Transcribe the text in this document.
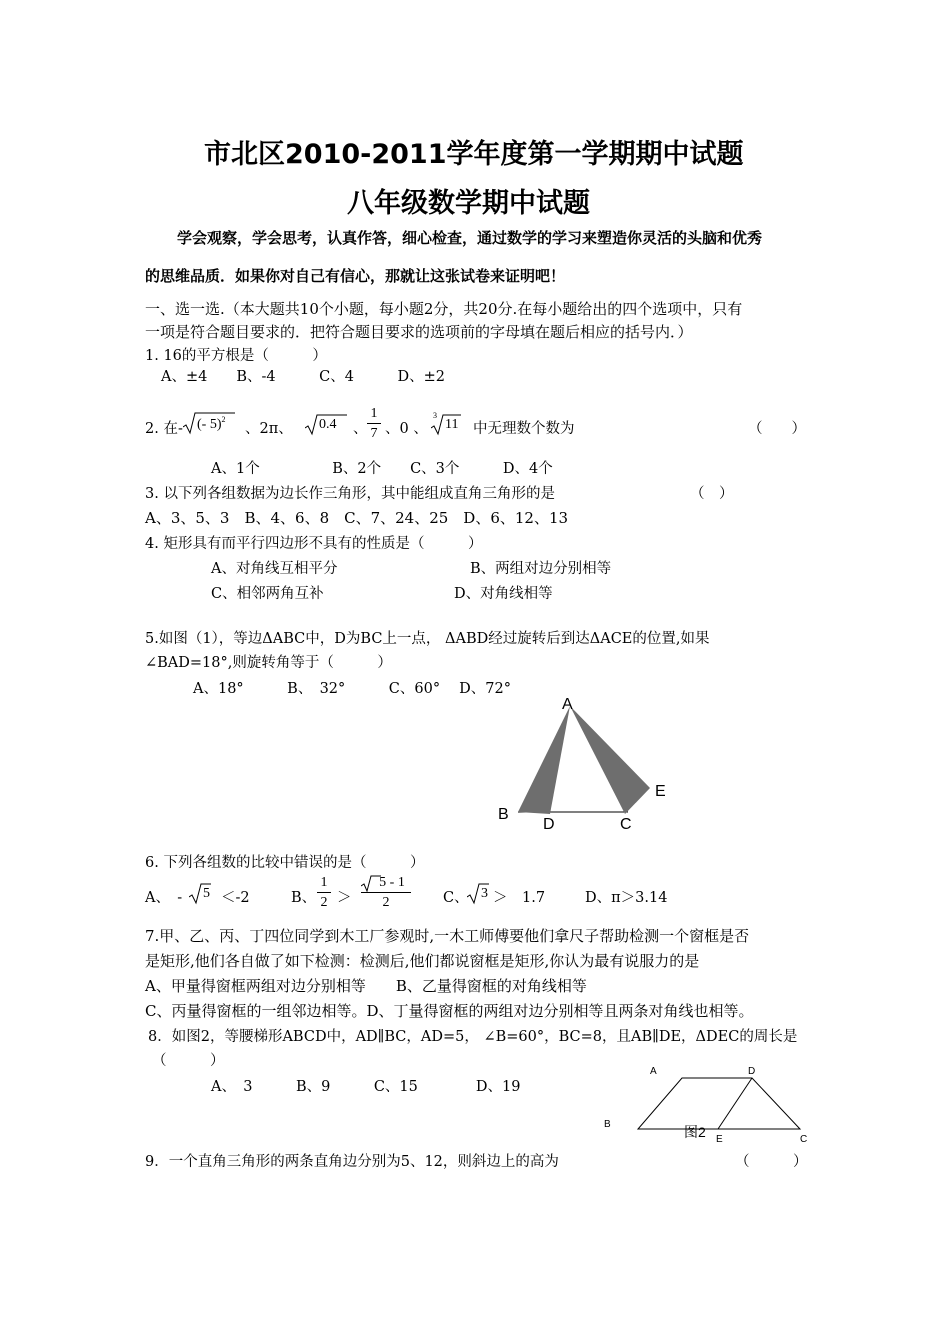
市北区2010-2011学年度第一学期期中试题
八年级数学期中试题
学会观察，学会思考，认真作答，细心检查，通过数学的学习来塑造你灵活的头脑和优秀
的思维品质．如果你对自己有信心，那就让这张试卷来证明吧！
一、选一选.（本大题共10个小题，每小题2分，共20分.在每小题给出的四个选项中，只有
一项是符合题目要求的．把符合题目要求的选项前的字母填在题后相应的括号内．）
1. 16的平方根是（　　　）
A、±4　　B、-4　　　C、4　　　D、±2
2. 在-	(- 5)$^2$
、2π、	0.4 、
1
7 、0 、
3
11 中无理数个数为	（　　）
A、1个　　　　　B、2个　　C、3个　　　D、4个
3. 以下列各组数据为边长作三角形，其中能组成直角三角形的是	（　）
A、3、5、3　B、4、6、8　C、7、24、25　D、6、12、13
4. 矩形具有而平行四边形不具有的性质是（　　　）
A、对角线互相平分	B、两组对边分别相等
C、相邻两角互补	D、对角线相等
5.如图（1），等边ΔABC中，D为BC上一点， ΔABD经过旋转后到达ΔACE的位置,如果
∠BAD=18°,则旋转角等于（　　　）
A、18°　　　B、　32°　　　C、60°　 D、72°
A
B
D	C
E
6. 下列各组数的比较中错误的是（　　　）
A、　-	5 ＜-2	B、
1
2 ＞
5 - 1
2	C、 3 ＞　1.7	D、π＞3.14
7.甲、乙、丙、丁四位同学到木工厂参观时,一木工师傅要他们拿尺子帮助检测一个窗框是否
是矩形,他们各自做了如下检测：检测后,他们都说窗框是矩形,你认为最有说服力的是
A、甲量得窗框两组对边分别相等　　B、乙量得窗框的对角线相等
C、丙量得窗框的一组邻边相等。D、丁量得窗框的两组对边分别相等且两条对角线也相等。
8．如图2，等腰梯形ABCD中，AD∥BC，AD=5， ∠B=60°，BC=8，且AB∥DE，ΔDEC的周长是
（　　　）
A、　3　　　B、9　　　C、15　　　　D、19
A	D
B
E	C
图2
9．一个直角三角形的两条直角边分别为5、12，则斜边上的高为	（　　　）
